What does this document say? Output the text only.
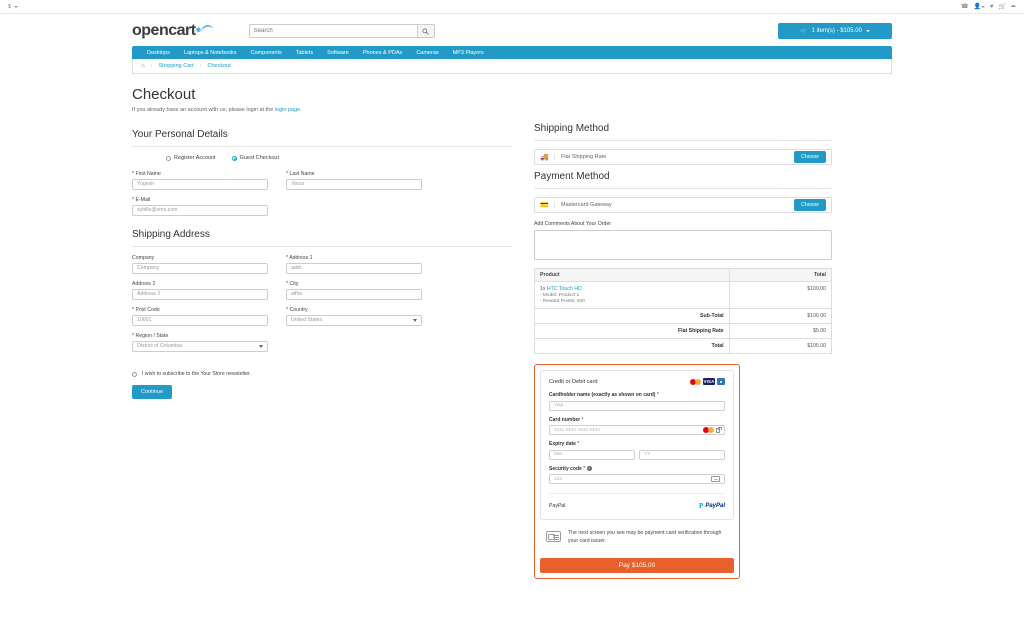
$	☎ 👤	♥ 🛒 ➦
opencart•
Search	🛒 1 item(s) - $105.00
Desktops	Laptops & Notebooks	Components	Tablets	Software	Phones & PDAs	Cameras	MP3 Players
⌂ › Shopping Cart › Checkout
Checkout
If you already have an account with us, please login at the login page.
Your Personal Details
Register Account	Guest Checkout
* First Name
Yogesh
* Last Name
Vinza
* E-Mail
sybille@smx.com
Shipping Address
Company
Company
* Address 1
addr
Address 2
Address 2
* City
alfho
* Post Code
10001
* Country
United States
* Region / State
District of Columbia
I wish to subscribe to the Your Store newsletter.
Continue
Shipping Method
🚚	Flat Shipping Rate	Choose
Payment Method
💳	Mastercard Gateway	Choose
Add Comments About Your Order
Product	Total
1x HTC Touch HD
- Model: Product 1
- Reward Points: 400	$100.00
Sub-Total	$100.00
Flat Shipping Rate	$5.00
Total	$105.00
Credit or Debit card	VISA	■
Cardholder name (exactly as shown on card) *
Yogi
Card number *
4111 4444 4444 4444
Expiry date *
MM	YY
Security code * ?
123
PayPal	P PayPal
The next screen you see may be payment card verification through your card issuer.
Pay $105.00
